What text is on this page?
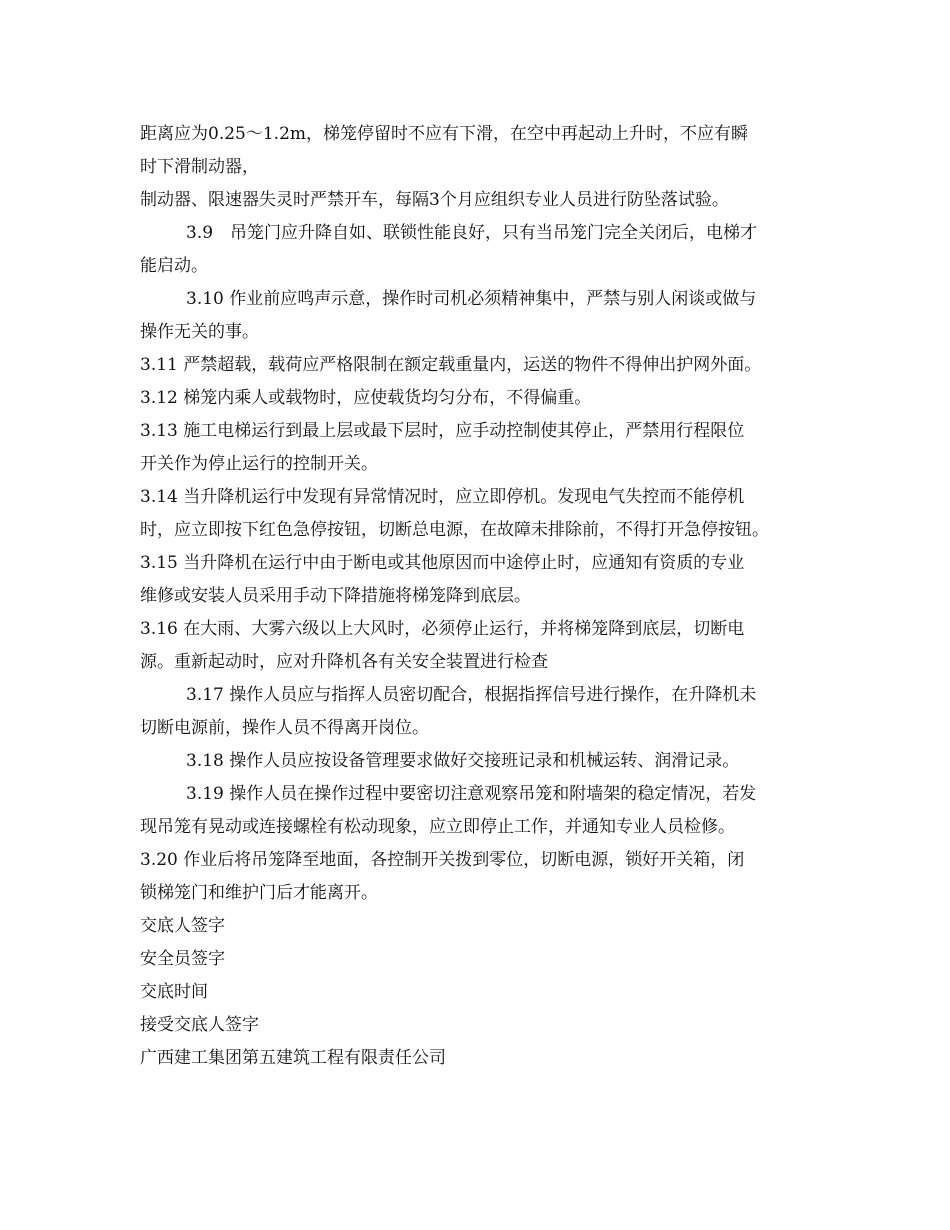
距离应为0.25～1.2m，梯笼停留时不应有下滑，在空中再起动上升时，不应有瞬
时下滑制动器，

制动器、限速器失灵时严禁开车，每隔3个月应组织专业人员进行防坠落试验。

3.9　吊笼门应升降自如、联锁性能良好，只有当吊笼门完全关闭后，电梯才
能启动。

3.10 作业前应鸣声示意，操作时司机必须精神集中，严禁与别人闲谈或做与
操作无关的事。

3.11 严禁超载，载荷应严格限制在额定载重量内，运送的物件不得伸出护网外面。

3.12 梯笼内乘人或载物时，应使载货均匀分布，不得偏重。

3.13 施工电梯运行到最上层或最下层时，应手动控制使其停止，严禁用行程限位
开关作为停止运行的控制开关。

3.14 当升降机运行中发现有异常情况时，应立即停机。发现电气失控而不能停机
时，应立即按下红色急停按钮，切断总电源，在故障未排除前，不得打开急停按钮。

3.15 当升降机在运行中由于断电或其他原因而中途停止时，应通知有资质的专业
维修或安装人员采用手动下降措施将梯笼降到底层。

3.16 在大雨、大雾六级以上大风时，必须停止运行，并将梯笼降到底层，切断电
源。重新起动时，应对升降机各有关安全装置进行检查

3.17 操作人员应与指挥人员密切配合，根据指挥信号进行操作，在升降机未
切断电源前，操作人员不得离开岗位。

3.18 操作人员应按设备管理要求做好交接班记录和机械运转、润滑记录。

3.19 操作人员在操作过程中要密切注意观察吊笼和附墙架的稳定情况，若发
现吊笼有晃动或连接螺栓有松动现象，应立即停止工作，并通知专业人员检修。

3.20 作业后将吊笼降至地面，各控制开关拨到零位，切断电源，锁好开关箱，闭
锁梯笼门和维护门后才能离开。

交底人签字
安全员签字
交底时间
接受交底人签字
广西建工集团第五建筑工程有限责任公司
